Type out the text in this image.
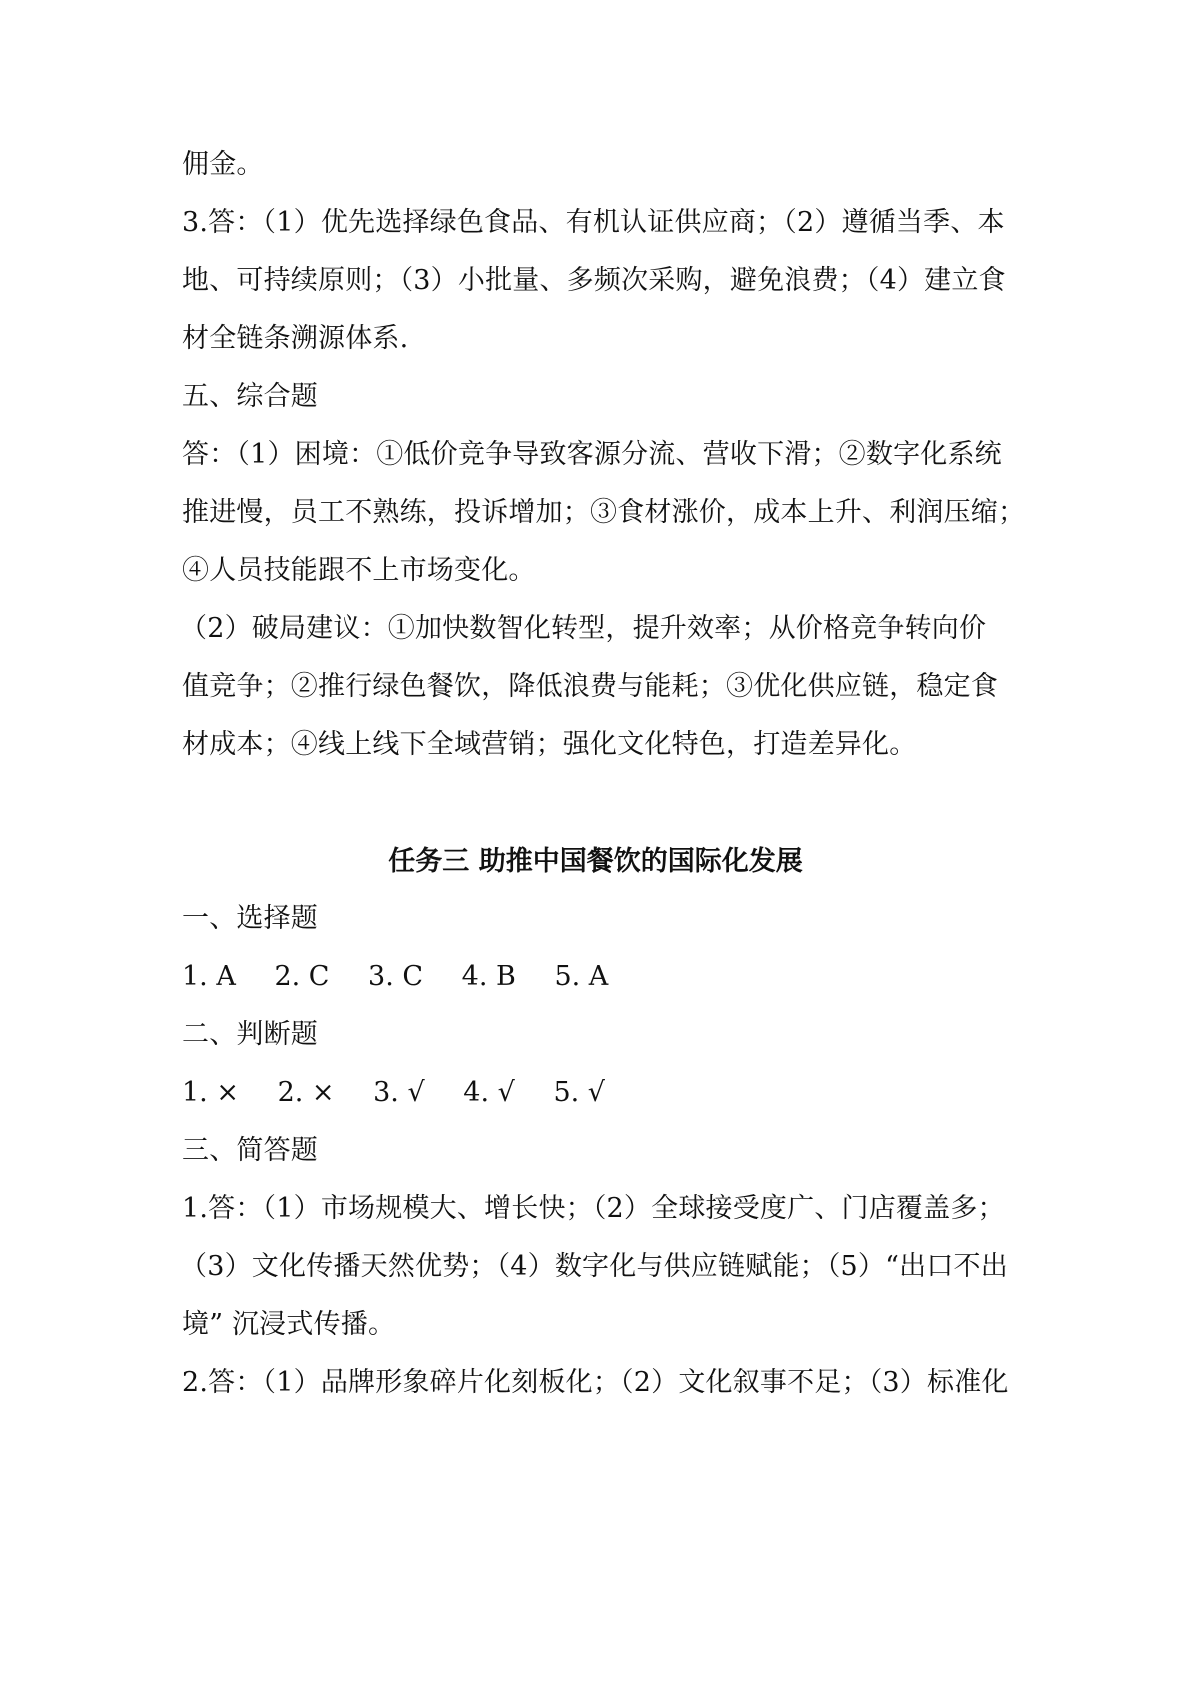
佣金。
3.答：（1）优先选择绿色食品、有机认证供应商；（2）遵循当季、本
地、可持续原则；（3）小批量、多频次采购，避免浪费；（4）建立食
材全链条溯源体系.
五、综合题
答：（1）困境：①低价竞争导致客源分流、营收下滑；②数字化系统
推进慢，员工不熟练，投诉增加；③食材涨价，成本上升、利润压缩；
④人员技能跟不上市场变化。
（2）破局建议：①加快数智化转型，提升效率；从价格竞争转向价
值竞争；②推行绿色餐饮，降低浪费与能耗；③优化供应链，稳定食
材成本；④线上线下全域营销；强化文化特色，打造差异化。
任务三 助推中国餐饮的国际化发展
一、选择题
1. A 2. C 3. C 4. B 5. A
二、判断题
1. × 2. × 3. √ 4. √ 5. √
三、简答题
1.答：（1）市场规模大、增长快；（2）全球接受度广、门店覆盖多；
（3）文化传播天然优势；（4）数字化与供应链赋能；（5）“出口不出
境” 沉浸式传播。
2.答：（1）品牌形象碎片化刻板化；（2）文化叙事不足；（3）标准化
